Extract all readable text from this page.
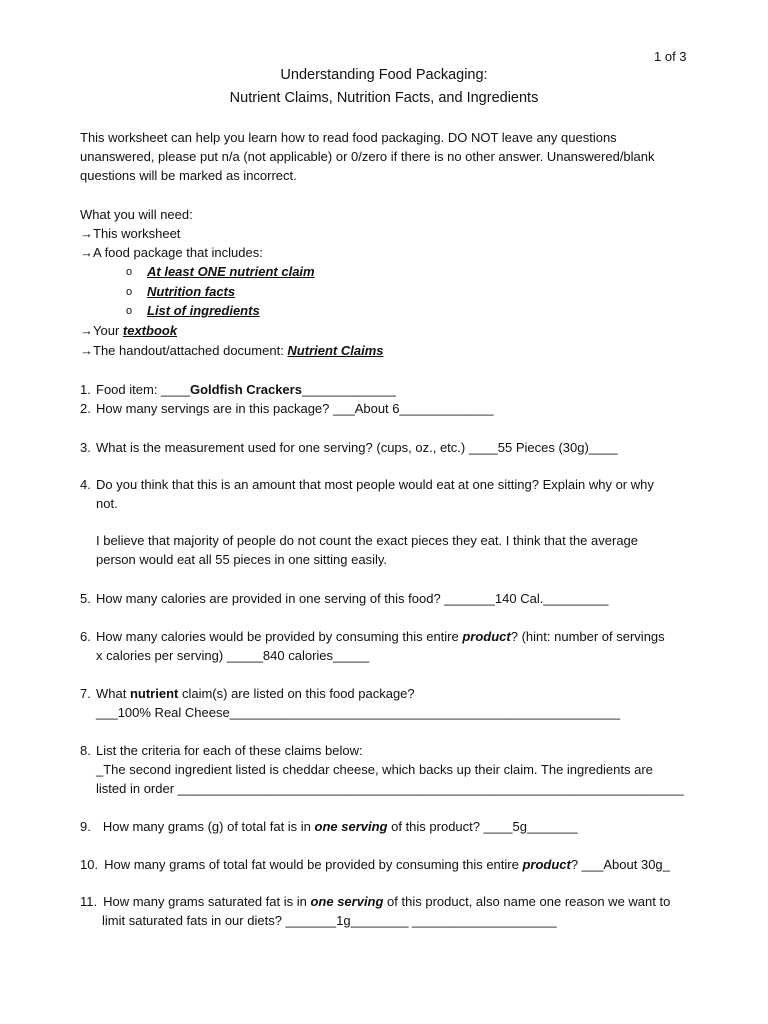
1 of 3
Understanding Food Packaging:
Nutrient Claims, Nutrition Facts, and Ingredients
This worksheet can help you learn how to read food packaging. DO NOT leave any questions
unanswered, please put n/a (not applicable) or 0/zero if there is no other answer. Unanswered/blank
questions will be marked as incorrect.
What you will need:
→This worksheet
→A food package that includes:
o At least ONE nutrient claim
o Nutrition facts
o List of ingredients
→Your textbook
→The handout/attached document: Nutrient Claims
1. Food item: ____Goldfish Crackers_____________
2. How many servings are in this package? ___About 6_____________
3. What is the measurement used for one serving? (cups, oz., etc.) ____55 Pieces (30g)____
4. Do you think that this is an amount that most people would eat at one sitting? Explain why or why
not.
I believe that majority of people do not count the exact pieces they eat. I think that the average
person would eat all 55 pieces in one sitting easily.
5. How many calories are provided in one serving of this food? _______140 Cal._________
6. How many calories would be provided by consuming this entire product? (hint: number of servings
x calories per serving) _____840 calories_____
7. What nutrient claim(s) are listed on this food package?
___100% Real Cheese______________________________________________________
8. List the criteria for each of these claims below:
_The second ingredient listed is cheddar cheese, which backs up their claim. The ingredients are
listed in order ______________________________________________________________________
9. How many grams (g) of total fat is in one serving of this product? ____5g_______
10. How many grams of total fat would be provided by consuming this entire product? ___About 30g_
11. How many grams saturated fat is in one serving of this product, also name one reason we want to
limit saturated fats in our diets? _______1g________ ____________________
